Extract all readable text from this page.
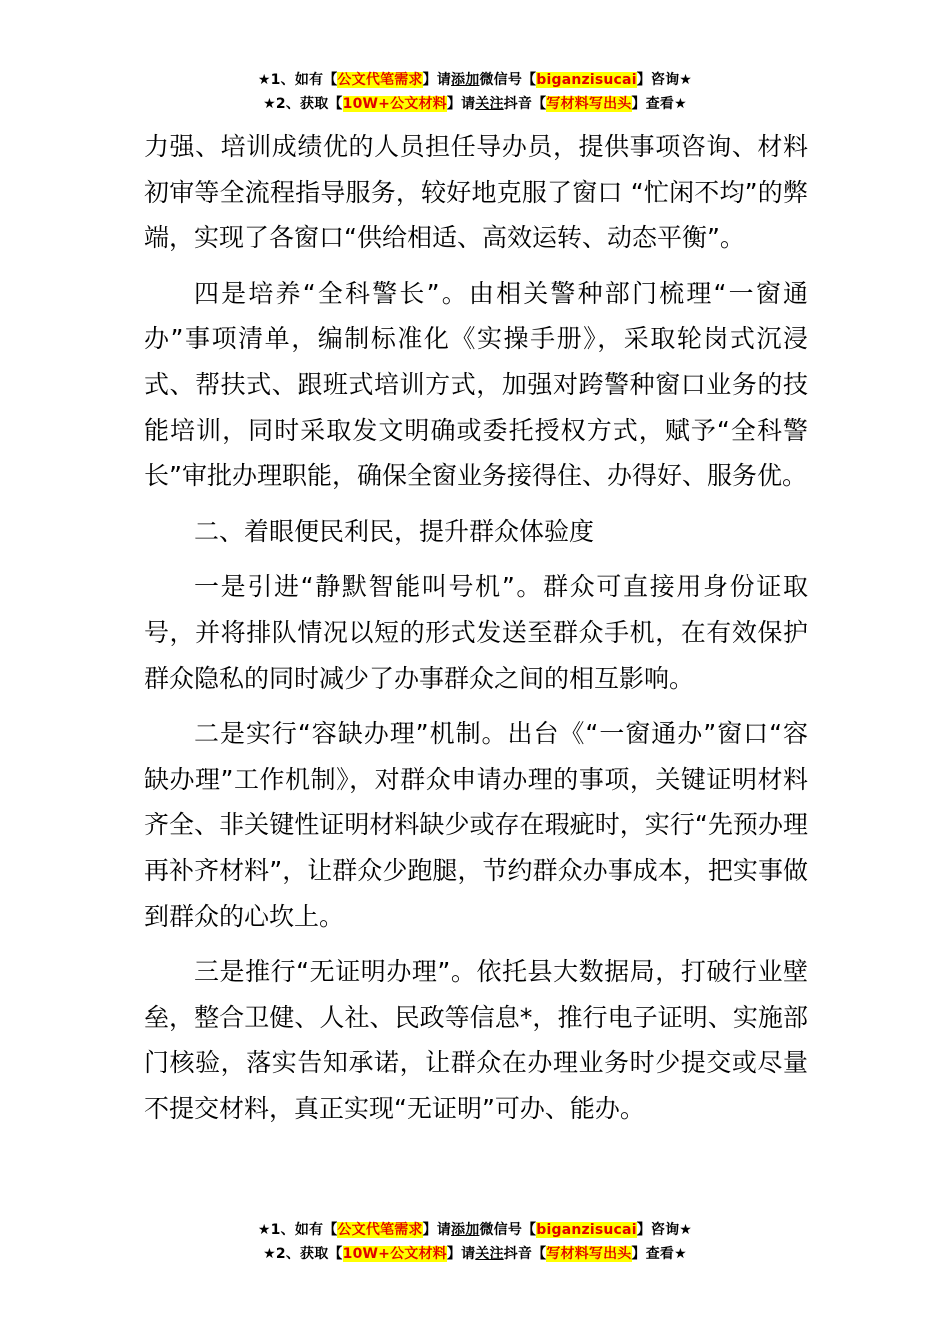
★1、如有【公文代笔需求】请添加微信号【biganzisucai】咨询★
★2、获取【10W+公文材料】请关注抖音【写材料写出头】查看★

力强、培训成绩优的人员担任导办员，提供事项咨询、材料初审等全流程指导服务，较好地克服了窗口 “忙闲不均”的弊端，实现了各窗口“供给相适、高效运转、动态平衡”。

四是培养“全科警长”。由相关警种部门梳理“一窗通办”事项清单，编制标准化《实操手册》，采取轮岗式沉浸式、帮扶式、跟班式培训方式，加强对跨警种窗口业务的技能培训，同时采取发文明确或委托授权方式，赋予“全科警长”审批办理职能，确保全窗业务接得住、办得好、服务优。

二、着眼便民利民，提升群众体验度

一是引进“静默智能叫号机”。群众可直接用身份证取号，并将排队情况以短的形式发送至群众手机，在有效保护群众隐私的同时减少了办事群众之间的相互影响。

二是实行“容缺办理”机制。出台《“一窗通办”窗口“容缺办理”工作机制》，对群众申请办理的事项，关键证明材料齐全、非关键性证明材料缺少或存在瑕疵时，实行“先预办理再补齐材料”，让群众少跑腿，节约群众办事成本，把实事做到群众的心坎上。

三是推行“无证明办理”。依托县大数据局，打破行业壁垒，整合卫健、人社、民政等信息*，推行电子证明、实施部门核验，落实告知承诺，让群众在办理业务时少提交或尽量不提交材料，真正实现“无证明”可办、能办。

★1、如有【公文代笔需求】请添加微信号【biganzisucai】咨询★
★2、获取【10W+公文材料】请关注抖音【写材料写出头】查看★
